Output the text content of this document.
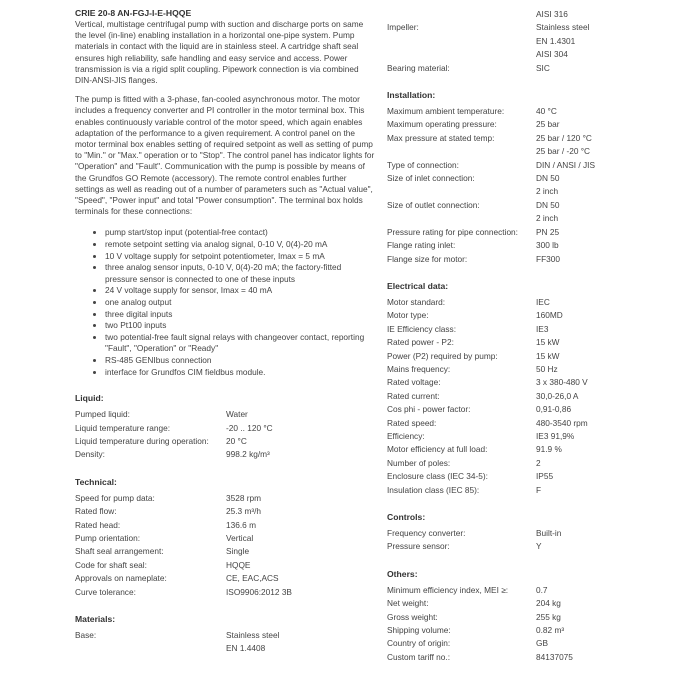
CRIE 20-8 AN-FGJ-I-E-HQQE

Vertical, multistage centrifugal pump with suction and discharge ports on same the level (in-line) enabling installation in a horizontal one-pipe system. Pump materials in contact with the liquid are in stainless steel. A cartridge shaft seal ensures high reliability, safe handling and easy service and access. Power transmission is via a rigid split coupling. Pipework connection is via combined DIN-ANSI-JIS flanges.

The pump is fitted with a 3-phase, fan-cooled asynchronous motor. The motor includes a frequency converter and PI controller in the motor terminal box. This enables continuously variable control of the motor speed, which again enables adaptation of the performance to a given requirement. A control panel on the motor terminal box enables setting of required setpoint as well as setting of pump to "Min." or "Max." operation or to "Stop". The control panel has indicator lights for "Operation" and "Fault". Communication with the pump is possible by means of the Grundfos GO Remote (accessory). The remote control enables further settings as well as reading out of a number of parameters such as "Actual value", "Speed", "Power input" and total "Power consumption". The terminal box holds terminals for these connections:

• pump start/stop input (potential-free contact)
• remote setpoint setting via analog signal, 0-10 V, 0(4)-20 mA
• 10 V voltage supply for setpoint potentiometer, Imax = 5 mA
• three analog sensor inputs, 0-10 V, 0(4)-20 mA; the factory-fitted pressure sensor is connected to one of these inputs
• 24 V voltage supply for sensor, Imax = 40 mA
• one analog output
• three digital inputs
• two Pt100 inputs
• two potential-free fault signal relays with changeover contact, reporting "Fault", "Operation" or "Ready"
• RS-485 GENIbus connection
• interface for Grundfos CIM fieldbus module.
Liquid:
Pumped liquid:	Water
Liquid temperature range:	-20 .. 120 °C
Liquid temperature during operation:	20 °C
Density:	998.2 kg/m³
Technical:
Speed for pump data:	3528 rpm
Rated flow:	25.3 m³/h
Rated head:	136.6 m
Pump orientation:	Vertical
Shaft seal arrangement:	Single
Code for shaft seal:	HQQE
Approvals on nameplate:	CE, EAC,ACS
Curve tolerance:	ISO9906:2012 3B
Materials:
Base:	Stainless steel
EN 1.4408
AISI 316
Impeller:	Stainless steel
EN 1.4301
AISI 304
Bearing material:	SIC
Installation:
Maximum ambient temperature:	40 °C
Maximum operating pressure:	25 bar
Max pressure at stated temp:	25 bar / 120 °C
25 bar / -20 °C
Type of connection:	DIN / ANSI / JIS
Size of inlet connection:	DN 50
2 inch
Size of outlet connection:	DN 50
2 inch
Pressure rating for pipe connection:	PN 25
Flange rating inlet:	300 lb
Flange size for motor:	FF300
Electrical data:
Motor standard:	IEC
Motor type:	160MD
IE Efficiency class:	IE3
Rated power - P2:	15 kW
Power (P2) required by pump:	15 kW
Mains frequency:	50 Hz
Rated voltage:	3 x 380-480 V
Rated current:	30,0-26,0 A
Cos phi - power factor:	0,91-0,86
Rated speed:	480-3540 rpm
Efficiency:	IE3 91,9%
Motor efficiency at full load:	91.9 %
Number of poles:	2
Enclosure class (IEC 34-5):	IP55
Insulation class (IEC 85):	F
Controls:
Frequency converter:	Built-in
Pressure sensor:	Y
Others:
Minimum efficiency index, MEI ≥:	0.7
Net weight:	204 kg
Gross weight:	255 kg
Shipping volume:	0.82 m³
Country of origin:	GB
Custom tariff no.:	84137075
